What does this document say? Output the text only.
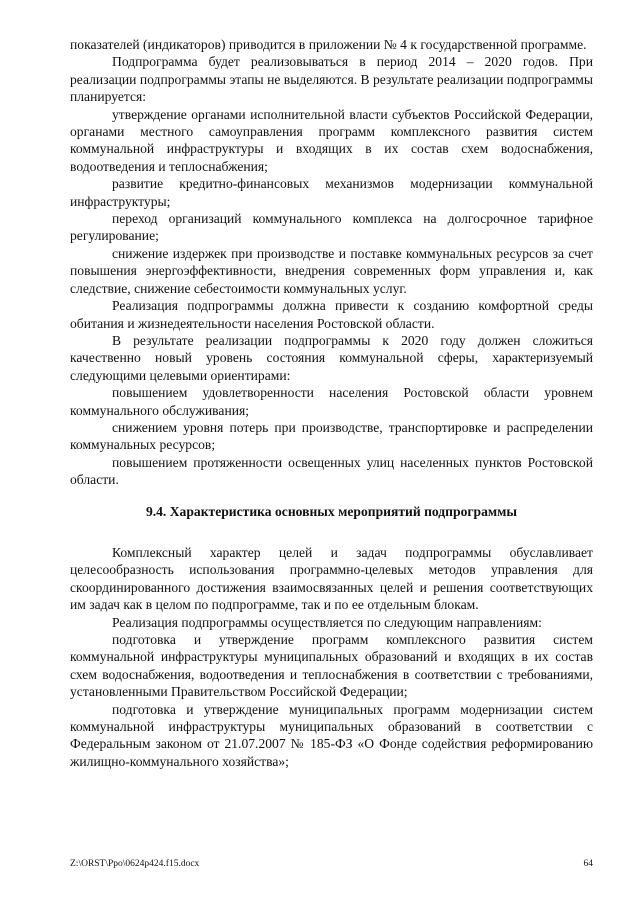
показателей (индикаторов) приводится в приложении № 4 к государственной программе.

Подпрограмма будет реализовываться в период 2014 – 2020 годов. При реализации подпрограммы этапы не выделяются. В результате реализации подпрограммы планируется:

утверждение органами исполнительной власти субъектов Российской Федерации, органами местного самоуправления программ комплексного развития систем коммунальной инфраструктуры и входящих в их состав схем водоснабжения, водоотведения и теплоснабжения;

развитие кредитно-финансовых механизмов модернизации коммунальной инфраструктуры;

переход организаций коммунального комплекса на долгосрочное тарифное регулирование;

снижение издержек при производстве и поставке коммунальных ресурсов за счет повышения энергоэффективности, внедрения современных форм управления и, как следствие, снижение себестоимости коммунальных услуг.

Реализация подпрограммы должна привести к созданию комфортной среды обитания и жизнедеятельности населения Ростовской области.

В результате реализации подпрограммы к 2020 году должен сложиться качественно новый уровень состояния коммунальной сферы, характеризуемый следующими целевыми ориентирами:

повышением удовлетворенности населения Ростовской области уровнем коммунального обслуживания;

снижением уровня потерь при производстве, транспортировке и распределении коммунальных ресурсов;

повышением протяженности освещенных улиц населенных пунктов Ростовской области.

9.4. Характеристика основных мероприятий подпрограммы

Комплексный характер целей и задач подпрограммы обуславливает целесообразность использования программно-целевых методов управления для скоординированного достижения взаимосвязанных целей и решения соответствующих им задач как в целом по подпрограмме, так и по ее отдельным блокам.

Реализация подпрограммы осуществляется по следующим направлениям:

подготовка и утверждение программ комплексного развития систем коммунальной инфраструктуры муниципальных образований и входящих в их состав схем водоснабжения, водоотведения и теплоснабжения в соответствии с требованиями, установленными Правительством Российской Федерации;

подготовка и утверждение муниципальных программ модернизации систем коммунальной инфраструктуры муниципальных образований в соответствии с Федеральным законом от 21.07.2007 № 185-ФЗ «О Фонде содействия реформированию жилищно-коммунального хозяйства»;

Z:\ORST\Ppo\0624p424.f15.docx	64
